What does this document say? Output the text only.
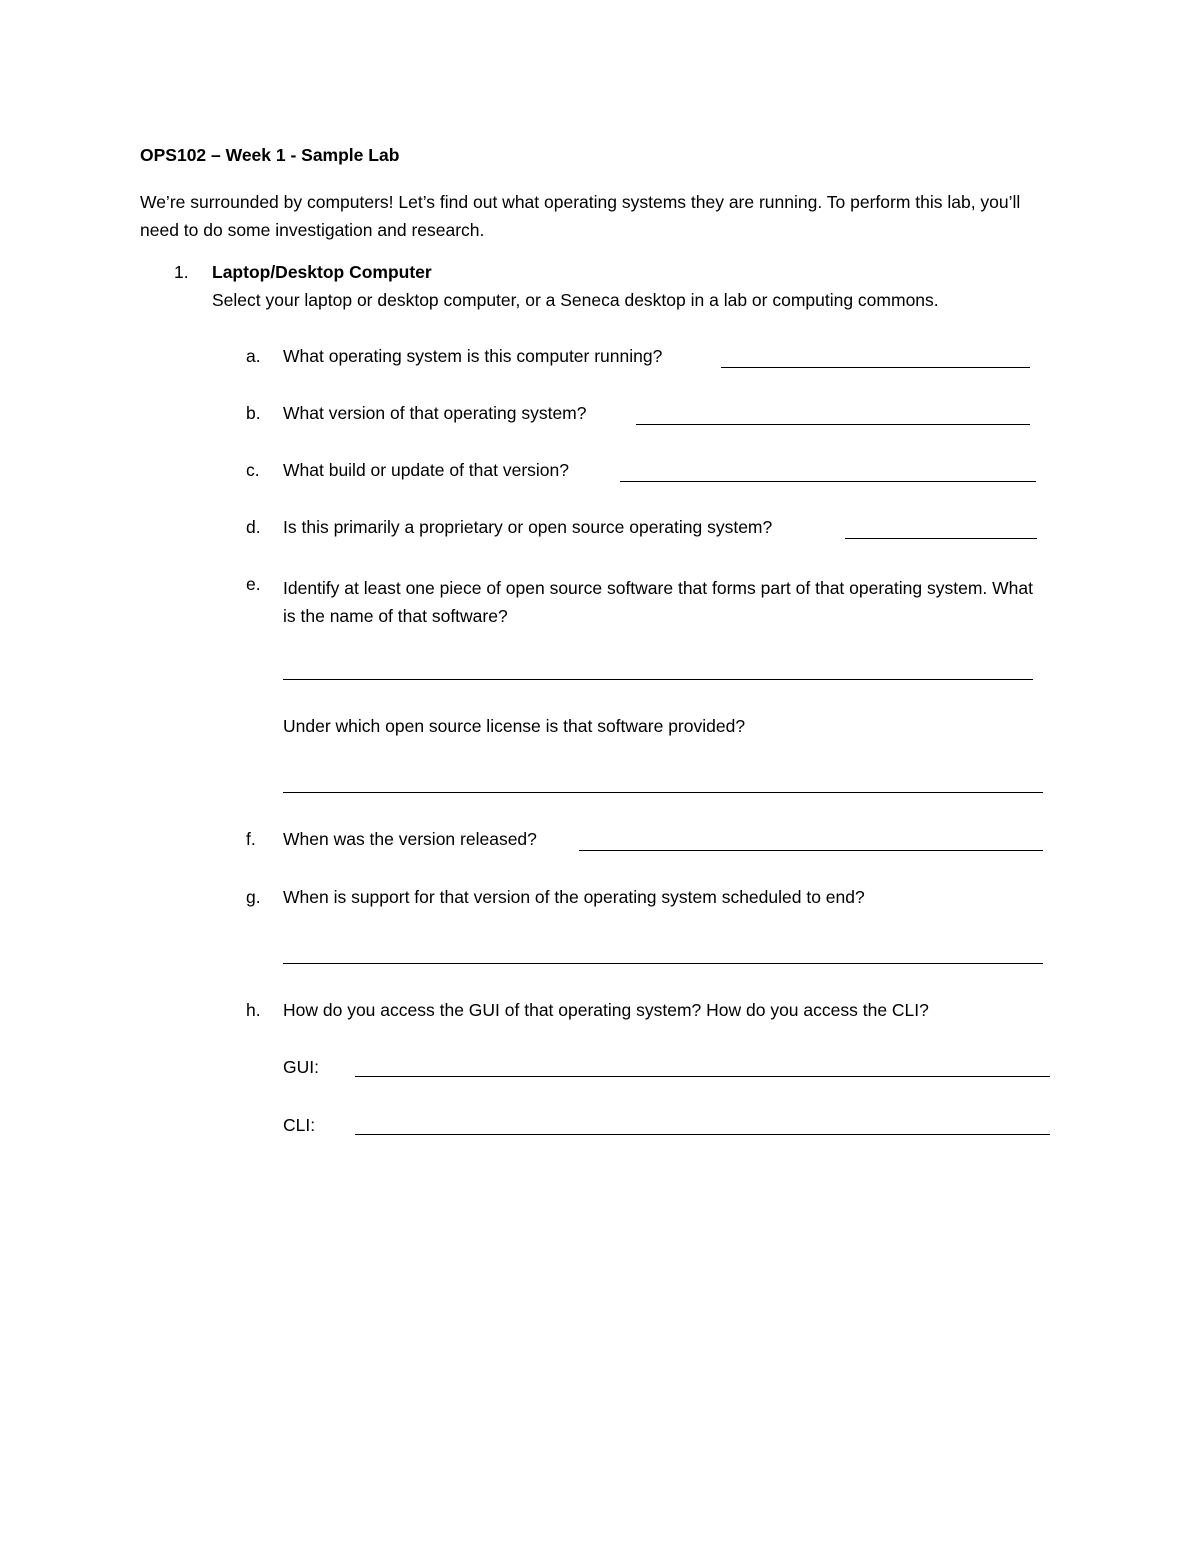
OPS102 – Week 1 - Sample Lab
We’re surrounded by computers! Let’s find out what operating systems they are running. To perform this lab, you’ll need to do some investigation and research.
1. Laptop/Desktop Computer
Select your laptop or desktop computer, or a Seneca desktop in a lab or computing commons.
a. What operating system is this computer running?
b. What version of that operating system?
c. What build or update of that version?
d. Is this primarily a proprietary or open source operating system?
e. Identify at least one piece of open source software that forms part of that operating system. What is the name of that software?
Under which open source license is that software provided?
f. When was the version released?
g. When is support for that version of the operating system scheduled to end?
h. How do you access the GUI of that operating system? How do you access the CLI?
GUI:
CLI:
